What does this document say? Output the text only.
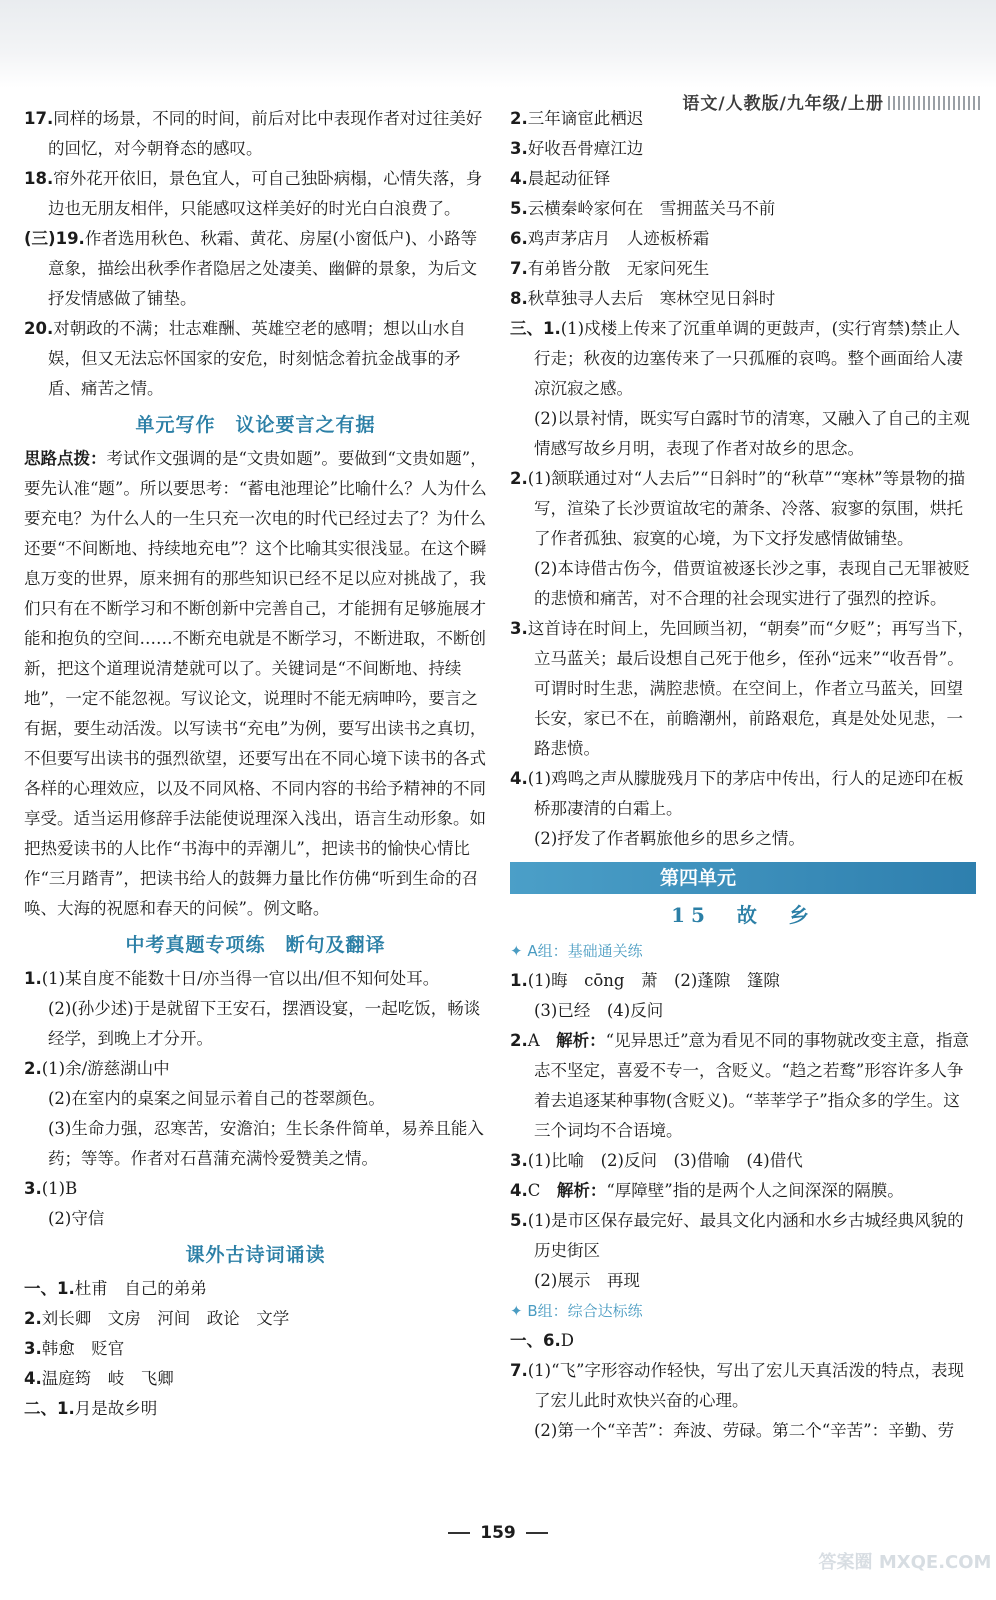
语文/人教版/九年级/上册

17.同样的场景，不同的时间，前后对比中表现作者对过往美好的回忆，对今朝脊态的感叹。

18.帘外花开依旧，景色宜人，可自己独卧病榻，心情失落，身边也无朋友相伴，只能感叹这样美好的时光白白浪费了。

(三)19.作者选用秋色、秋霜、黄花、房屋(小窗低户)、小路等意象，描绘出秋季作者隐居之处凄美、幽僻的景象，为后文抒发情感做了铺垫。

20.对朝政的不满；壮志难酬、英雄空老的感喟；想以山水自娱，但又无法忘怀国家的安危，时刻惦念着抗金战事的矛盾、痛苦之情。

单元写作　议论要言之有据

思路点拨：考试作文强调的是“文贵如题”。要做到“文贵如题”，要先认准“题”。所以要思考：“蓄电池理论”比喻什么？人为什么要充电？为什么人的一生只充一次电的时代已经过去了？为什么还要“不间断地、持续地充电”？这个比喻其实很浅显。在这个瞬息万变的世界，原来拥有的那些知识已经不足以应对挑战了，我们只有在不断学习和不断创新中完善自己，才能拥有足够施展才能和抱负的空间……不断充电就是不断学习，不断进取，不断创新，把这个道理说清楚就可以了。关键词是“不间断地、持续地”，一定不能忽视。写议论文，说理时不能无病呻吟，要言之有据，要生动活泼。以写读书“充电”为例，要写出读书之真切，不但要写出读书的强烈欲望，还要写出在不同心境下读书的各式各样的心理效应，以及不同风格、不同内容的书给予精神的不同享受。适当运用修辞手法能使说理深入浅出，语言生动形象。如把热爱读书的人比作“书海中的弄潮儿”，把读书的愉快心情比作“三月踏青”，把读书给人的鼓舞力量比作仿佛“听到生命的召唤、大海的祝愿和春天的问候”。例文略。

中考真题专项练　断句及翻译

1.(1)某自度不能数十日/亦当得一官以出/但不知何处耳。

(2)(孙少述)于是就留下王安石，摆酒设宴，一起吃饭，畅谈经学，到晚上才分开。

2.(1)余/游慈湖山中

(2)在室内的桌案之间显示着自己的苍翠颜色。

(3)生命力强，忍寒苦，安澹泊；生长条件简单，易养且能入药；等等。作者对石菖蒲充满怜爱赞美之情。

3.(1)B

(2)守信

课外古诗词诵读

一、1.杜甫　自己的弟弟

2.刘长卿　文房　河间　政论　文学

3.韩愈　贬官

4.温庭筠　岐　飞卿

二、1.月是故乡明

2.三年谪宦此栖迟

3.好收吾骨瘴江边

4.晨起动征铎

5.云横秦岭家何在　雪拥蓝关马不前

6.鸡声茅店月　人迹板桥霜

7.有弟皆分散　无家问死生

8.秋草独寻人去后　寒林空见日斜时

三、1.(1)戍楼上传来了沉重单调的更鼓声，(实行宵禁)禁止人行走；秋夜的边塞传来了一只孤雁的哀鸣。整个画面给人凄凉沉寂之感。

(2)以景衬情，既实写白露时节的清寒，又融入了自己的主观情感写故乡月明，表现了作者对故乡的思念。

2.(1)颔联通过对“人去后”“日斜时”的“秋草”“寒林”等景物的描写，渲染了长沙贾谊故宅的萧条、冷落、寂寥的氛围，烘托了作者孤独、寂寞的心境，为下文抒发感情做铺垫。

(2)本诗借古伤今，借贾谊被逐长沙之事，表现自己无罪被贬的悲愤和痛苦，对不合理的社会现实进行了强烈的控诉。

3.这首诗在时间上，先回顾当初，“朝奏”而“夕贬”；再写当下，立马蓝关；最后设想自己死于他乡，侄孙“远来”“收吾骨”。可谓时时生悲，满腔悲愤。在空间上，作者立马蓝关，回望长安，家已不在，前瞻潮州，前路艰危，真是处处见悲，一路悲愤。

4.(1)鸡鸣之声从朦胧残月下的茅店中传出，行人的足迹印在板桥那凄清的白霜上。

(2)抒发了作者羁旅他乡的思乡之情。

第四单元
15　故　乡
✦ A组：基础通关练

1.(1)晦　cōng　萧　(2)蓬隙　篷隙

(3)已经　(4)反问

2.A　解析：“见异思迁”意为看见不同的事物就改变主意，指意志不坚定，喜爱不专一，含贬义。“趋之若鹜”形容许多人争着去追逐某种事物(含贬义)。“莘莘学子”指众多的学生。这三个词均不合语境。

3.(1)比喻　(2)反问　(3)借喻　(4)借代

4.C　解析：“厚障壁”指的是两个人之间深深的隔膜。

5.(1)是市区保存最完好、最具文化内涵和水乡古城经典风貌的历史街区

(2)展示　再现

✦ B组：综合达标练

一、6.D

7.(1)“飞”字形容动作轻快，写出了宏儿天真活泼的特点，表现了宏儿此时欢快兴奋的心理。

(2)第一个“辛苦”：奔波、劳碌。第二个“辛苦”：辛勤、劳

159
答案圈 MXQE.COM
